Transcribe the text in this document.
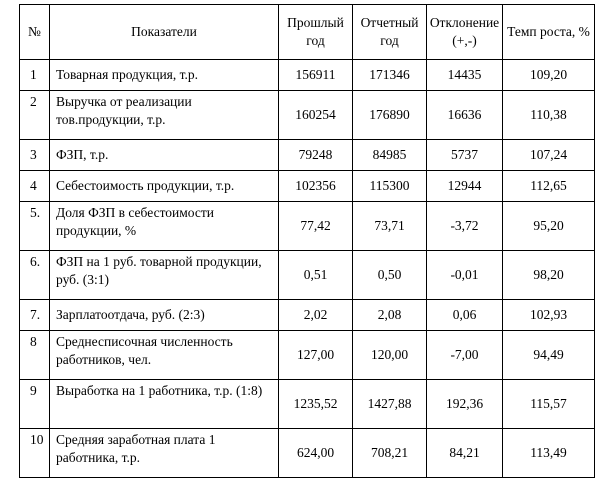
№	Показатели	Прошлый год	Отчетный год	Отклонение (+,-)	Темп роста, %
1	Товарная продукция, т.р.	156911	171346	14435	109,20
2	Выручка от реализации тов.продукции, т.р.	160254	176890	16636	110,38
3	ФЗП, т.р.	79248	84985	5737	107,24
4	Себестоимость продукции, т.р.	102356	115300	12944	112,65
5.	Доля ФЗП в себестоимости продукции, %	77,42	73,71	-3,72	95,20
6.	ФЗП на 1 руб. товарной продукции, руб. (3:1)	0,51	0,50	-0,01	98,20
7.	Зарплатоотдача, руб. (2:3)	2,02	2,08	0,06	102,93
8	Среднесписочная численность работников, чел.	127,00	120,00	-7,00	94,49
9	Выработка на 1 работника, т.р. (1:8)	1235,52	1427,88	192,36	115,57
10	Средняя заработная плата 1 работника, т.р.	624,00	708,21	84,21	113,49
